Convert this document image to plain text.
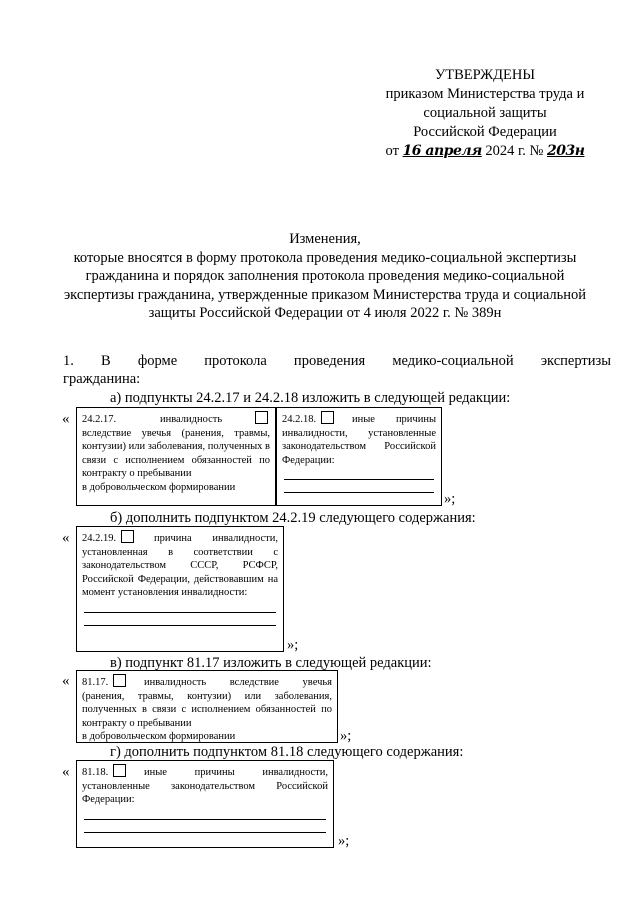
УТВЕРЖДЕНЫ
приказом Министерства труда и
социальной защиты
Российской Федерации
от 16 апреля 2024 г. № 203н
Изменения,
которые вносятся в форму протокола проведения медико-социальной экспертизы
гражданина и порядок заполнения протокола проведения медико-социальной
экспертизы гражданина, утвержденные приказом Министерства труда и социальной
защиты Российской Федерации от 4 июля 2022 г. № 389н
1. В форме протокола проведения медико-социальной экспертизы
гражданина:
а) подпункты 24.2.17 и 24.2.18 изложить в следующей редакции:
« 24.2.17.	инвалидность вследствие увечья (ранения, травмы, контузии) или заболевания, полученных в связи с исполнением обязанностей по контракту о пребывании
в добровольческом формировании
24.2.18.	иные причины инвалидности, установленные законодательством Российской Федерации:
»;
б) дополнить подпунктом 24.2.19 следующего содержания:
« 24.2.19.	причина инвалидности, установленная в соответствии с законодательством СССР, РСФСР, Российской Федерации, действовавшим на момент установления инвалидности:
»;
в) подпункт 81.17 изложить в следующей редакции:
« 81.17.	инвалидность вследствие увечья (ранения, травмы, контузии) или заболевания, полученных в связи с исполнением обязанностей по контракту о пребывании
в добровольческом формировании	»;
г) дополнить подпунктом 81.18 следующего содержания:
« 81.18.	иные причины инвалидности, установленные законодательством Российской Федерации:
»;
